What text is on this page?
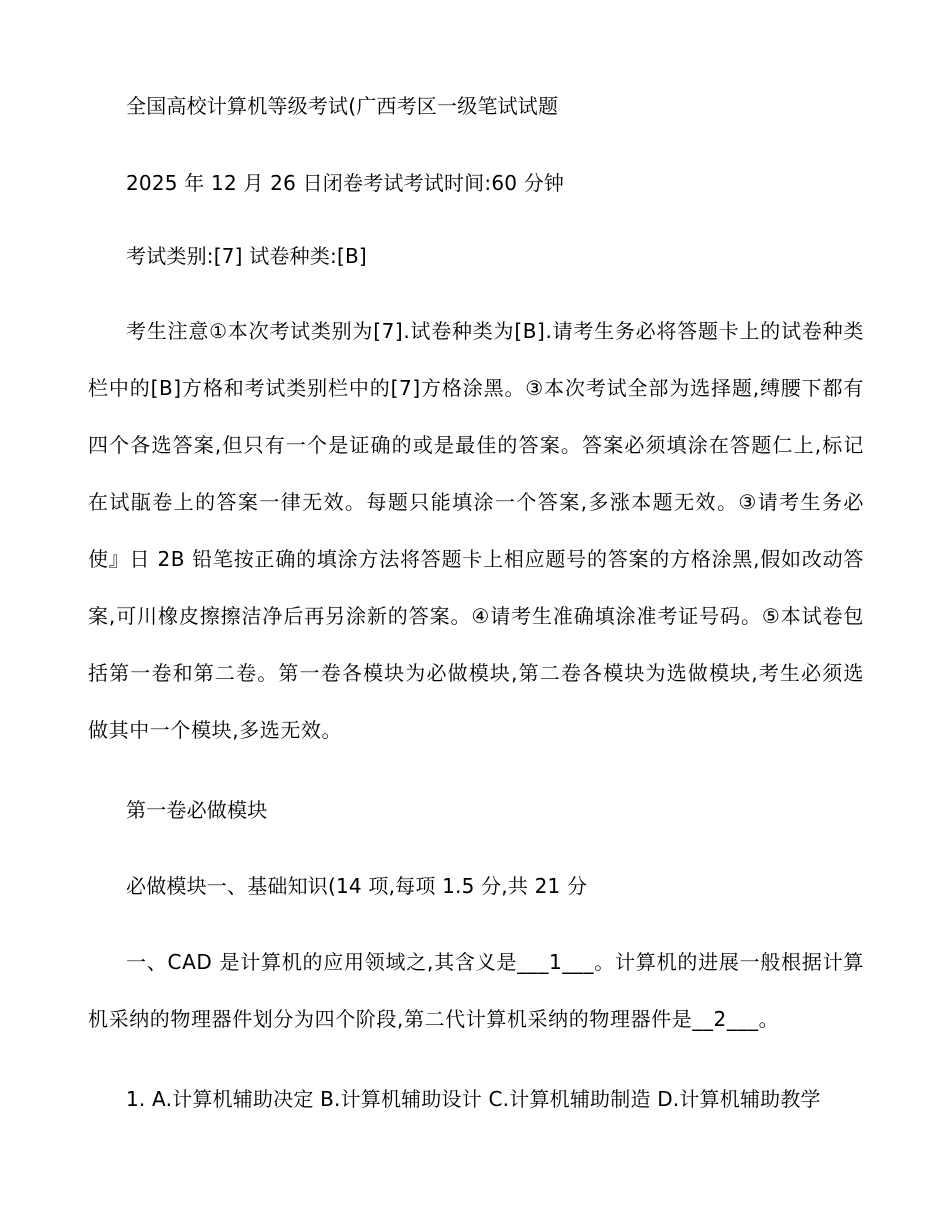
全国高校计算机等级考试(广西考区一级笔试试题
2025 年 12 月 26 日闭卷考试考试时间:60 分钟
考试类别:[7] 试卷种类:[B]
考生注意①本次考试类别为[7].试卷种类为[B].请考生务必将答题卡上的试卷种类栏中的[B]方格和考试类别栏中的[7]方格涂黑。③本次考试全部为选择题,缚腰下都有四个各选答案,但只有一个是证确的或是最佳的答案。答案必须填涂在答题仁上,标记在试瓹卷上的答案一律无效。每题只能填涂一个答案,多涨本题无效。③请考生务必使』日 2B 铅笔按正确的填涂方法将答题卡上相应题号的答案的方格涂黑,假如改动答案,可川橡皮擦擦洁净后再另涂新的答案。④请考生准确填涂准考证号码。⑤本试卷包括第一卷和第二卷。第一卷各模块为必做模块,第二卷各模块为选做模块,考生必须选做其中一个模块,多选无效。
第一卷必做模块
必做模块一、基础知识(14 项,每项 1.5 分,共 21 分
一、CAD 是计算机的应用领域之,其含义是___1___。计算机的进展一般根据计算机采纳的物理器件划分为四个阶段,第二代计算机采纳的物理器件是__2___。
1. A.计算机辅助决定 B.计算机辅助设计 C.计算机辅助制造 D.计算机辅助教学
